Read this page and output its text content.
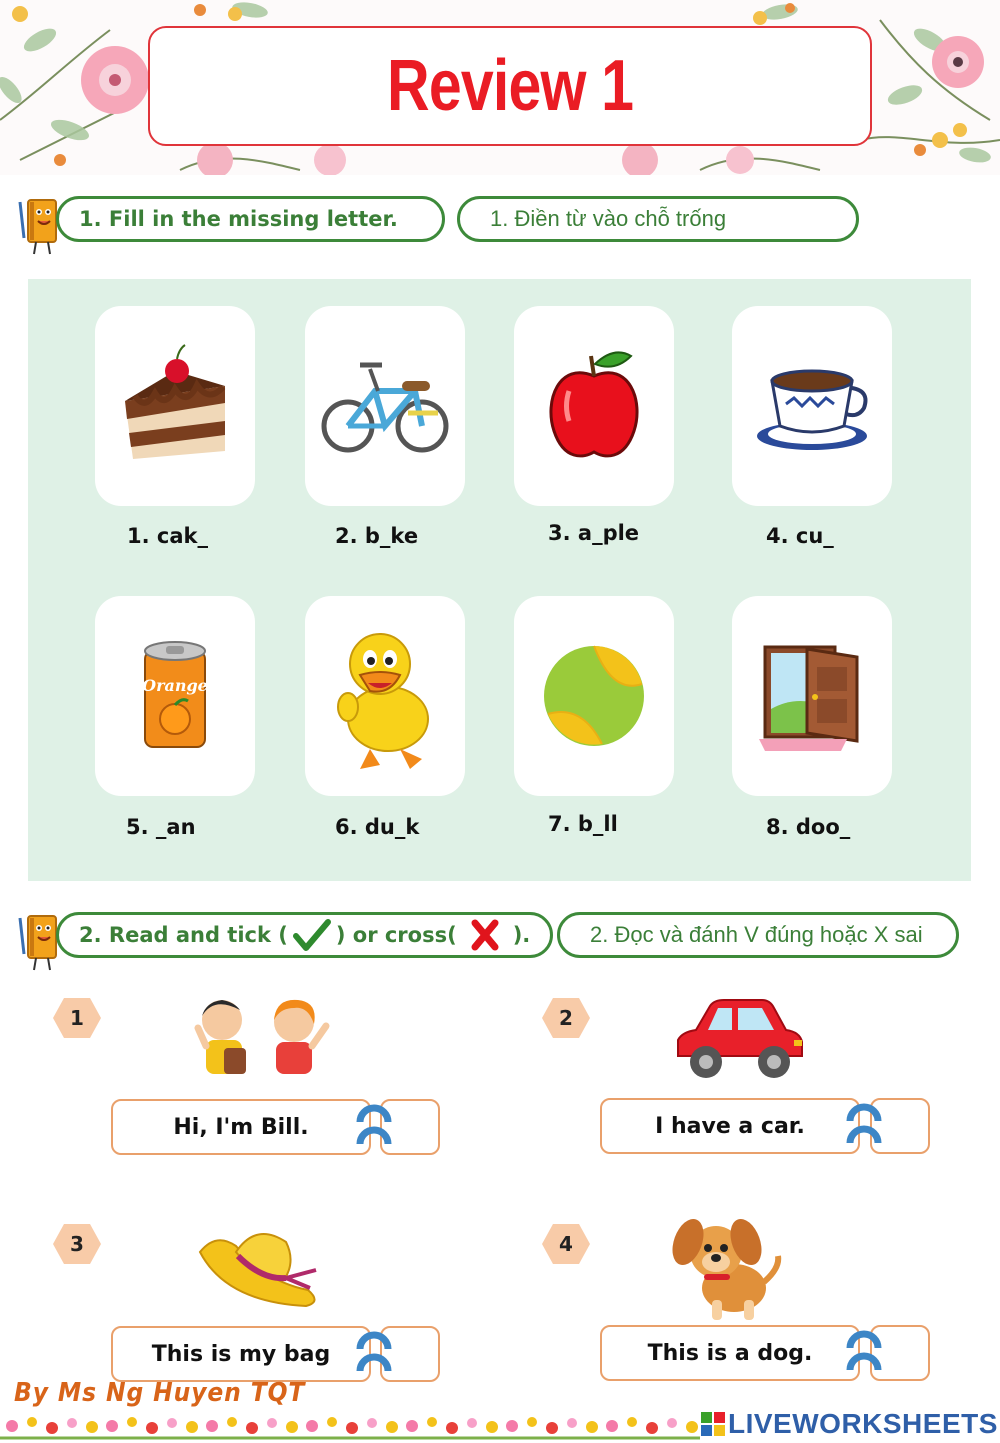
Review 1
1. Fill in the missing letter.	1. Điền từ vào chỗ trống
1. cak_	2. b_ke	3. a_ple	4. cu_
Orange
5. _an	6. du_k	7. b_ll	8. doo_
2. Read and tick ( ) or cross(	).	2. Đọc và đánh V đúng hoặc X sai
1
Hi, I'm Bill.
2
I have a car.
3
This is my bag
4
This is a dog.
By Ms Ng Huyen TQT
LIVEWORKSHEETS
